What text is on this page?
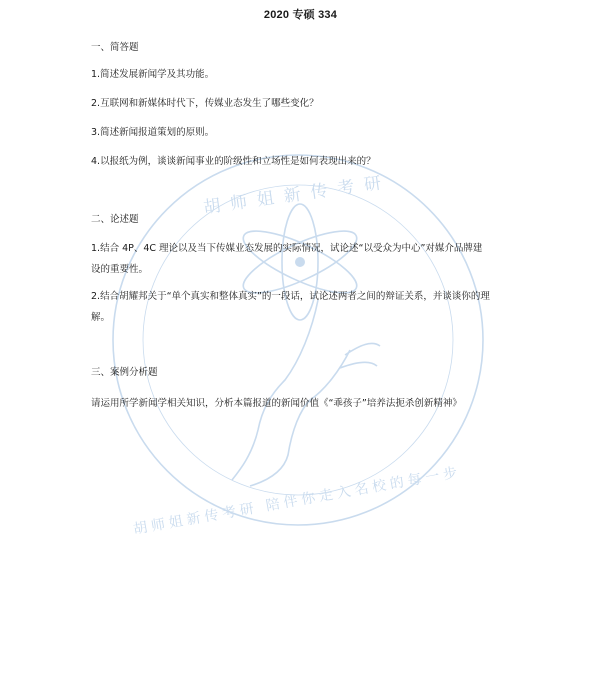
胡师姐新传考研
胡师姐新传考研 陪伴你走入名校的每一步
2020 专硕 334
一、简答题
1.简述发展新闻学及其功能。
2.互联网和新媒体时代下，传媒业态发生了哪些变化？
3.简述新闻报道策划的原则。
4.以报纸为例，谈谈新闻事业的阶级性和立场性是如何表现出来的？
二、论述题
1.结合 4P、4C 理论以及当下传媒业态发展的实际情况，试论述“以受众为中心”对媒介品牌建设的重要性。
2.结合胡耀邦关于“单个真实和整体真实”的一段话，试论述两者之间的辩证关系，并谈谈你的理解。
三、案例分析题
请运用所学新闻学相关知识，分析本篇报道的新闻价值《“乖孩子”培养法扼杀创新精神》
